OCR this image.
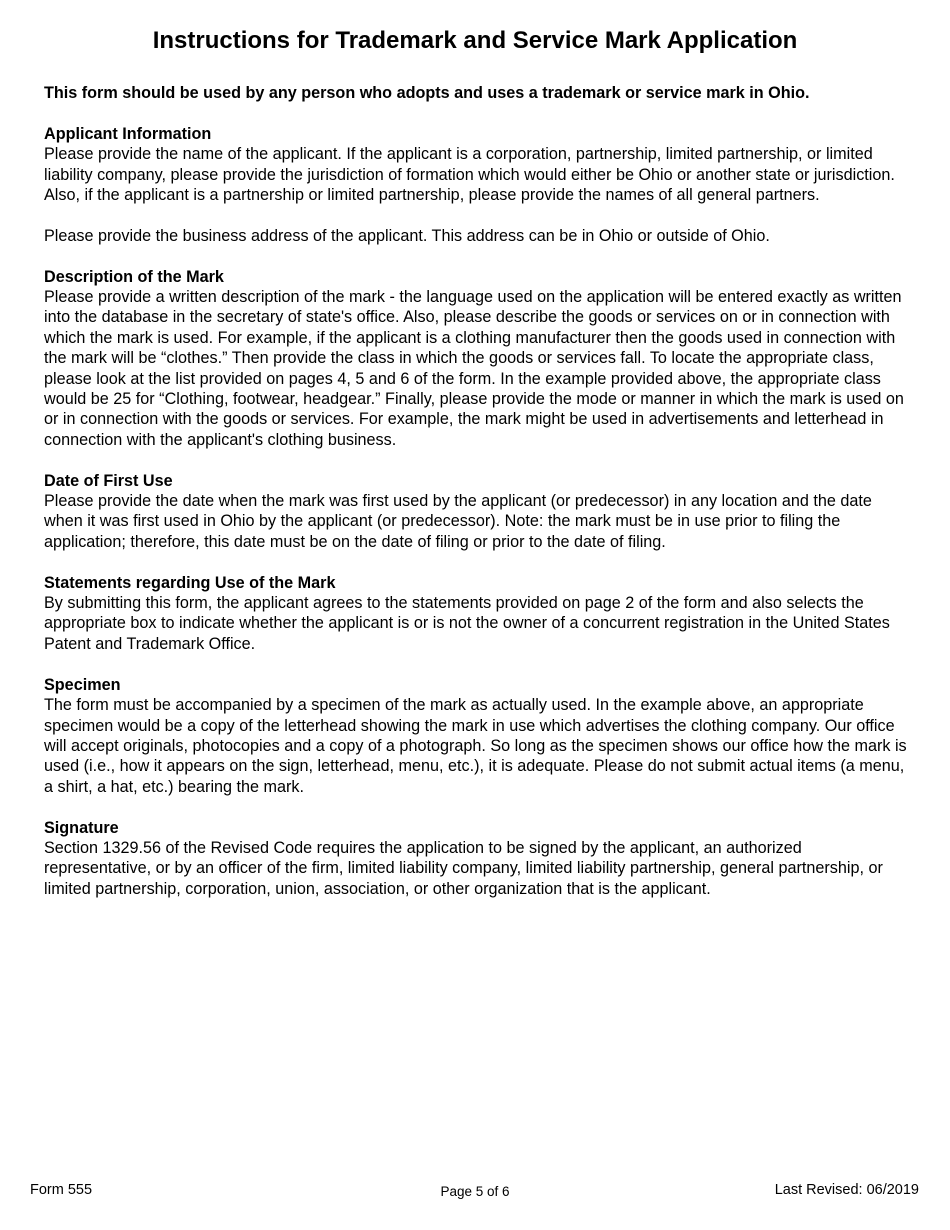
Instructions for Trademark and Service Mark Application

This form should be used by any person who adopts and uses a trademark or service mark in Ohio.

Applicant Information

Please provide the name of the applicant. If the applicant is a corporation, partnership, limited partnership, or limited liability company, please provide the jurisdiction of formation which would either be Ohio or another state or jurisdiction. Also, if the applicant is a partnership or limited partnership, please provide the names of all general partners.

Please provide the business address of the applicant. This address can be in Ohio or outside of Ohio.

Description of the Mark

Please provide a written description of the mark - the language used on the application will be entered exactly as written into the database in the secretary of state's office. Also, please describe the goods or services on or in connection with which the mark is used. For example, if the applicant is a clothing manufacturer then the goods used in connection with the mark will be “clothes.” Then provide the class in which the goods or services fall. To locate the appropriate class, please look at the list provided on pages 4, 5 and 6 of the form. In the example provided above, the appropriate class would be 25 for “Clothing, footwear, headgear.” Finally, please provide the mode or manner in which the mark is used on or in connection with the goods or services. For example, the mark might be used in advertisements and letterhead in connection with the applicant's clothing business.

Date of First Use

Please provide the date when the mark was first used by the applicant (or predecessor) in any location and the date when it was first used in Ohio by the applicant (or predecessor). Note: the mark must be in use prior to filing the application; therefore, this date must be on the date of filing or prior to the date of filing.

Statements regarding Use of the Mark

By submitting this form, the applicant agrees to the statements provided on page 2 of the form and also selects the appropriate box to indicate whether the applicant is or is not the owner of a concurrent registration in the United States Patent and Trademark Office.

Specimen

The form must be accompanied by a specimen of the mark as actually used. In the example above, an appropriate specimen would be a copy of the letterhead showing the mark in use which advertises the clothing company. Our office will accept originals, photocopies and a copy of a photograph. So long as the specimen shows our office how the mark is used (i.e., how it appears on the sign, letterhead, menu, etc.), it is adequate. Please do not submit actual items (a menu, a shirt, a hat, etc.) bearing the mark.

Signature

Section 1329.56 of the Revised Code requires the application to be signed by the applicant, an authorized representative, or by an officer of the firm, limited liability company, limited liability partnership, general partnership, or limited partnership, corporation, union, association, or other organization that is the applicant.

Form 555	Page 5 of 6	Last Revised: 06/2019
